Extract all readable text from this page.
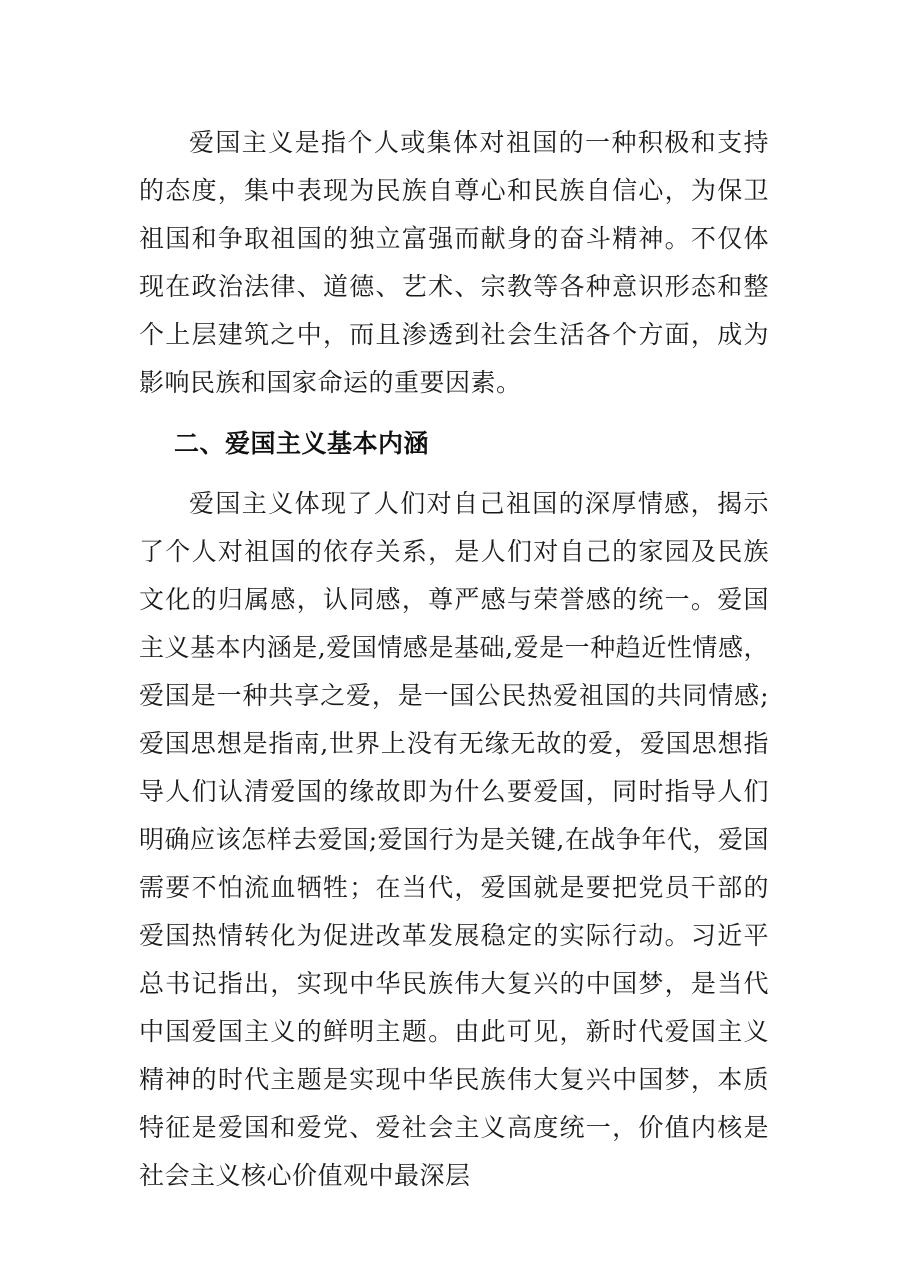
爱国主义是指个人或集体对祖国的一种积极和支持的态度，集中表现为民族自尊心和民族自信心，为保卫祖国和争取祖国的独立富强而献身的奋斗精神。不仅体现在政治法律、道德、艺术、宗教等各种意识形态和整个上层建筑之中，而且渗透到社会生活各个方面，成为影响民族和国家命运的重要因素。

二、爱国主义基本内涵

爱国主义体现了人们对自己祖国的深厚情感，揭示了个人对祖国的依存关系，是人们对自己的家园及民族文化的归属感，认同感，尊严感与荣誉感的统一。爱国主义基本内涵是,爱国情感是基础,爱是一种趋近性情感，爱国是一种共享之爱，是一国公民热爱祖国的共同情感;爱国思想是指南,世界上没有无缘无故的爱，爱国思想指导人们认清爱国的缘故即为什么要爱国，同时指导人们明确应该怎样去爱国;爱国行为是关键,在战争年代，爱国需要不怕流血牺牲；在当代，爱国就是要把党员干部的爱国热情转化为促进改革发展稳定的实际行动。习近平总书记指出，实现中华民族伟大复兴的中国梦，是当代中国爱国主义的鲜明主题。由此可见，新时代爱国主义精神的时代主题是实现中华民族伟大复兴中国梦，本质特征是爱国和爱党、爱社会主义高度统一，价值内核是社会主义核心价值观中最深层
